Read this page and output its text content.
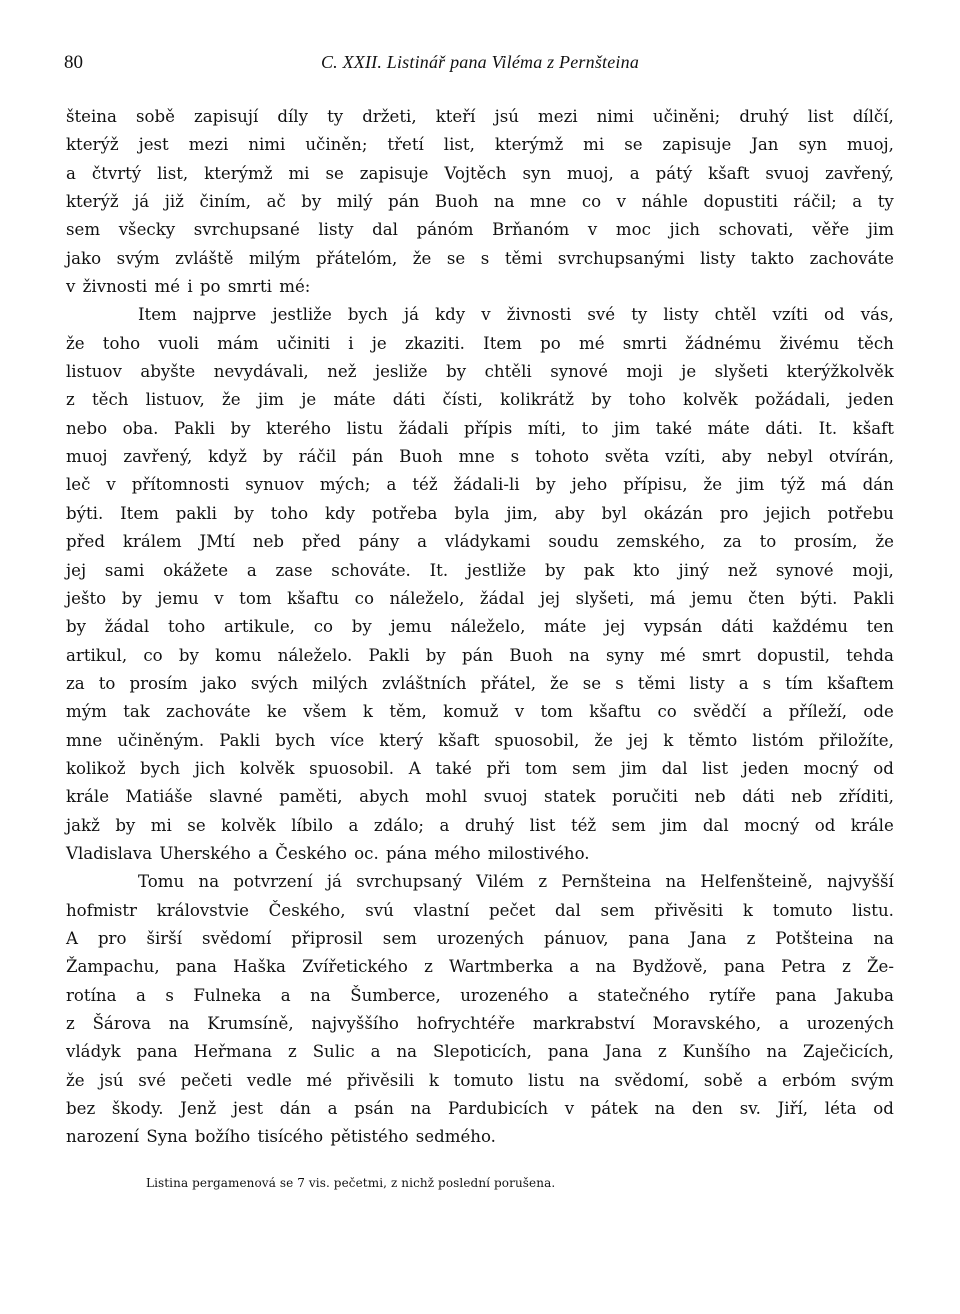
80	C. XXII. Listinář pana Viléma z Pernšteina
šteina sobě zapisují díly ty držeti, kteří jsú mezi nimi učiněni; druhý list dílčí,
kterýž jest mezi nimi učiněn; třetí list, kterýmž mi se zapisuje Jan syn muoj,
a čtvrtý list, kterýmž mi se zapisuje Vojtěch syn muoj, a pátý kšaft svuoj zavřený,
kterýž já již činím, ač by milý pán Buoh na mne co v náhle dopustiti ráčil; a ty
sem všecky svrchupsané listy dal pánóm Brňanóm v moc jich schovati, věře jim
jako svým zvláště milým přátelóm, že se s těmi svrchupsanými listy takto zachováte
v živnosti mé i po smrti mé:
Item najprve jestliže bych já kdy v živnosti své ty listy chtěl vzíti od vás,
že toho vuoli mám učiniti i je zkaziti. Item po mé smrti žádnému živému těch
listuov abyšte nevydávali, než jesliže by chtěli synové moji je slyšeti kterýžkolvěk
z těch listuov, že jim je máte dáti čísti, kolikrátž by toho kolvěk požádali, jeden
nebo oba. Pakli by kterého listu žádali přípis míti, to jim také máte dáti. It. kšaft
muoj zavřený, když by ráčil pán Buoh mne s tohoto světa vzíti, aby nebyl otvírán,
leč v přítomnosti synuov mých; a též žádali-li by jeho přípisu, že jim týž má dán
býti. Item pakli by toho kdy potřeba byla jim, aby byl okázán pro jejich potřebu
před králem JMtí neb před pány a vládykami soudu zemského, za to prosím, že
jej sami okážete a zase schováte. It. jestliže by pak kto jiný než synové moji,
ješto by jemu v tom kšaftu co náleželo, žádal jej slyšeti, má jemu čten býti. Pakli
by žádal toho artikule, co by jemu náleželo, máte jej vypsán dáti každému ten
artikul, co by komu náleželo. Pakli by pán Buoh na syny mé smrt dopustil, tehda
za to prosím jako svých milých zvláštních přátel, že se s těmi listy a s tím kšaftem
mým tak zachováte ke všem k těm, komuž v tom kšaftu co svědčí a příleží, ode
mne učiněným. Pakli bych více který kšaft spuosobil, že jej k těmto listóm přiložíte,
kolikož bych jich kolvěk spuosobil. A také při tom sem jim dal list jeden mocný od
krále Matiáše slavné paměti, abych mohl svuoj statek poručiti neb dáti neb zříditi,
jakž by mi se kolvěk líbilo a zdálo; a druhý list též sem jim dal mocný od krále
Vladislava Uherského a Českého oc. pána mého milostivého.
Tomu na potvrzení já svrchupsaný Vilém z Pernšteina na Helfenšteině, najvyšší
hofmistr královstvie Českého, svú vlastní pečet dal sem přivěsiti k tomuto listu.
A pro širší svědomí připrosil sem urozených pánuov, pana Jana z Potšteina na
Žampachu, pana Haška Zvířetického z Wartmberka a na Bydžově, pana Petra z Že-
rotína a s Fulneka a na Šumberce, urozeného a statečného rytíře pana Jakuba
z Šárova na Krumsíně, najvyššího hofrychtéře markrabství Moravského, a urozených
vládyk pana Heřmana z Sulic a na Slepoticích, pana Jana z Kunšího na Zaječicích,
že jsú své pečeti vedle mé přivěsili k tomuto listu na svědomí, sobě a erbóm svým
bez škody. Jenž jest dán a psán na Pardubicích v pátek na den sv. Jiří, léta od
narození Syna božího tisícého pětistého sedmého.
Listina pergamenová se 7 vis. pečetmi, z nichž poslední porušena.
